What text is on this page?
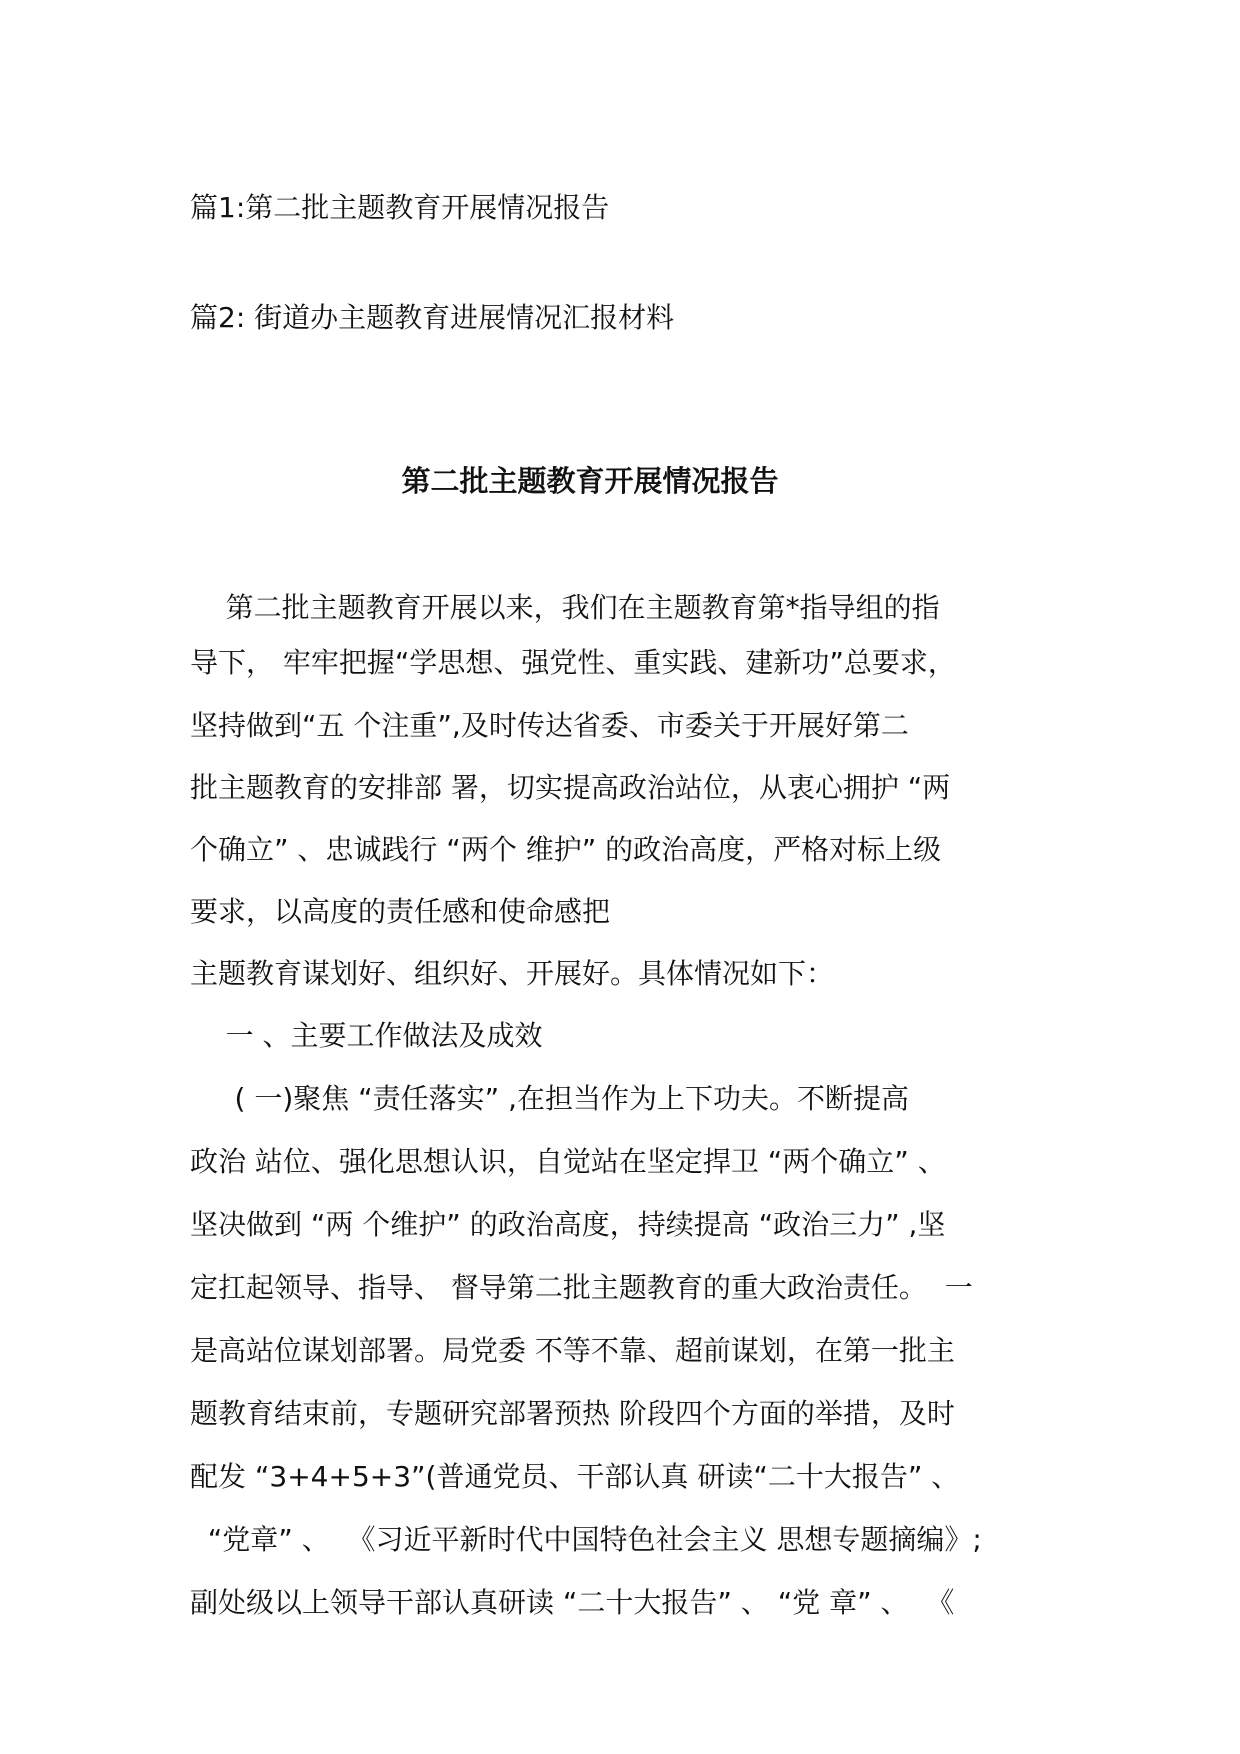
篇1:第二批主题教育开展情况报告
篇2: 街道办主题教育进展情况汇报材料
第二批主题教育开展情况报告
第二批主题教育开展以来，我们在主题教育第*指导组的指
导下， 牢牢把握“学思想、强党性、重实践、建新功”总要求，
坚持做到“五 个注重”,及时传达省委、市委关于开展好第二
批主题教育的安排部 署，切实提高政治站位，从衷心拥护 “两
个确立” 、忠诚践行 “两个 维护” 的政治高度，严格对标上级
要求，以高度的责任感和使命感把
主题教育谋划好、组织好、开展好。具体情况如下：
一 、主要工作做法及成效
( 一)聚焦 “责任落实” ,在担当作为上下功夫。不断提高
政治 站位、强化思想认识，自觉站在坚定捍卫 “两个确立” 、
坚决做到 “两 个维护” 的政治高度，持续提高 “政治三力” ,坚
定扛起领导、指导、 督导第二批主题教育的重大政治责任。  一
是高站位谋划部署。局党委 不等不靠、超前谋划，在第一批主
题教育结束前，专题研究部署预热 阶段四个方面的举措，及时
配发 “3+4+5+3”(普通党员、干部认真 研读“二十大报告” 、
“党章” 、  《习近平新时代中国特色社会主义 思想专题摘编》;
副处级以上领导干部认真研读 “二十大报告” 、 “党 章” 、  《
